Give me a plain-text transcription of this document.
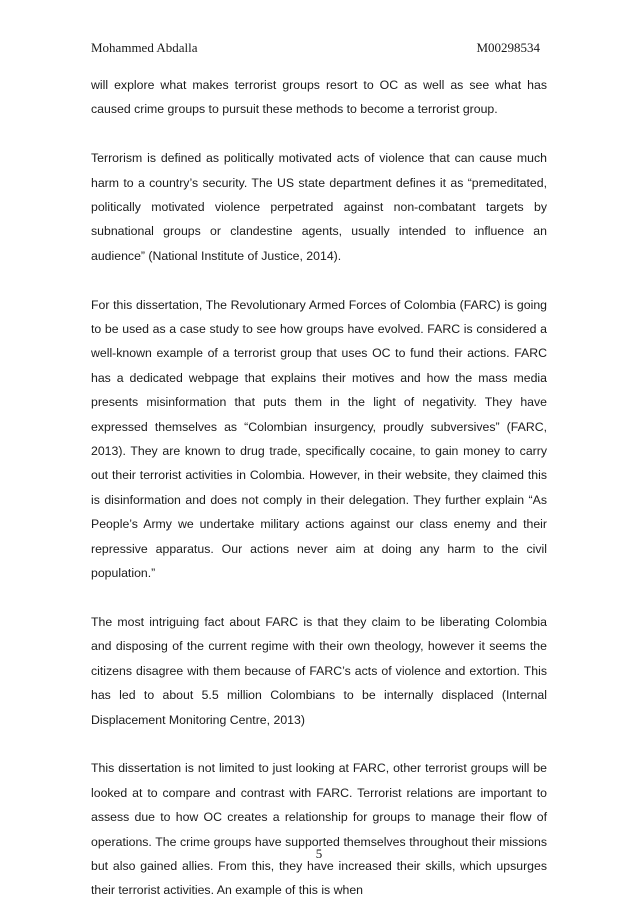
Mohammed Abdalla	M00298534

will explore what makes terrorist groups resort to OC as well as see what has caused crime groups to pursuit these methods to become a terrorist group.

Terrorism is defined as politically motivated acts of violence that can cause much harm to a country’s security. The US state department defines it as “premeditated, politically motivated violence perpetrated against non-combatant targets by subnational groups or clandestine agents, usually intended to influence an audience” (National Institute of Justice, 2014).

For this dissertation, The Revolutionary Armed Forces of Colombia (FARC) is going to be used as a case study to see how groups have evolved. FARC is considered a well-known example of a terrorist group that uses OC to fund their actions. FARC has a dedicated webpage that explains their motives and how the mass media presents misinformation that puts them in the light of negativity. They have expressed themselves as “Colombian insurgency, proudly subversives” (FARC, 2013). They are known to drug trade, specifically cocaine, to gain money to carry out their terrorist activities in Colombia. However, in their website, they claimed this is disinformation and does not comply in their delegation. They further explain “As People’s Army we undertake military actions against our class enemy and their repressive apparatus. Our actions never aim at doing any harm to the civil population.”

The most intriguing fact about FARC is that they claim to be liberating Colombia and disposing of the current regime with their own theology, however it seems the citizens disagree with them because of FARC’s acts of violence and extortion. This has led to about 5.5 million Colombians to be internally displaced (Internal Displacement Monitoring Centre, 2013)

This dissertation is not limited to just looking at FARC, other terrorist groups will be looked at to compare and contrast with FARC. Terrorist relations are important to assess due to how OC creates a relationship for groups to manage their flow of operations. The crime groups have supported themselves throughout their missions but also gained allies. From this, they have increased their skills, which upsurges their terrorist activities. An example of this is when

5
